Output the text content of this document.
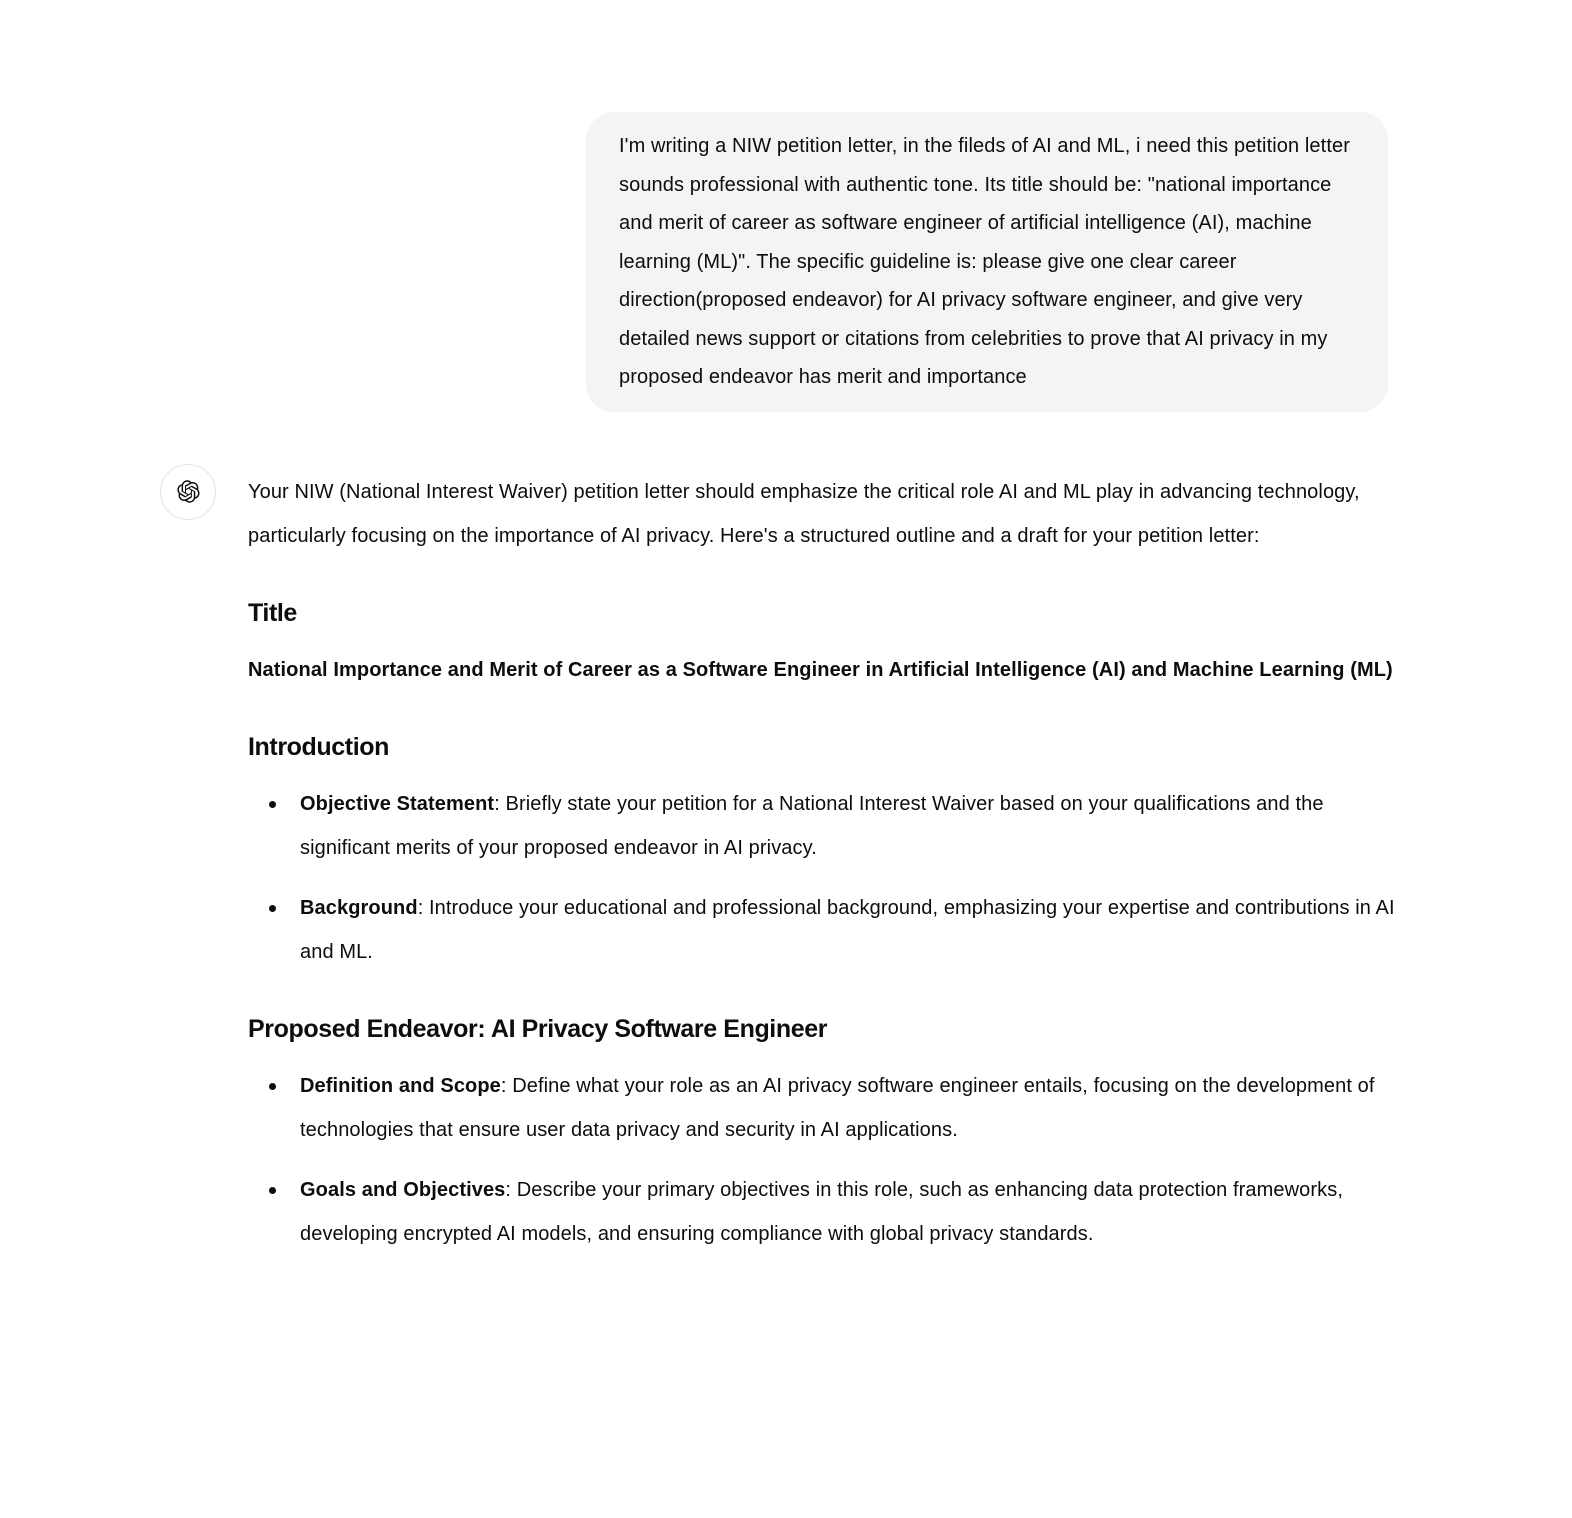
I'm writing a NIW petition letter, in the fileds of AI and ML, i need this petition letter sounds professional with authentic tone. Its title should be: "national importance and merit of career as software engineer of artificial intelligence (AI), machine learning (ML)". The specific guideline is: please give one clear career direction(proposed endeavor) for AI privacy software engineer, and give very detailed news support or citations from celebrities to prove that AI privacy in my proposed endeavor has merit and importance

Your NIW (National Interest Waiver) petition letter should emphasize the critical role AI and ML play in advancing technology, particularly focusing on the importance of AI privacy. Here's a structured outline and a draft for your petition letter:

Title

National Importance and Merit of Career as a Software Engineer in Artificial Intelligence (AI) and Machine Learning (ML)

Introduction
Objective Statement: Briefly state your petition for a National Interest Waiver based on your qualifications and the significant merits of your proposed endeavor in AI privacy.
Background: Introduce your educational and professional background, emphasizing your expertise and contributions in AI and ML.
Proposed Endeavor: AI Privacy Software Engineer
Definition and Scope: Define what your role as an AI privacy software engineer entails, focusing on the development of technologies that ensure user data privacy and security in AI applications.
Goals and Objectives: Describe your primary objectives in this role, such as enhancing data protection frameworks, developing encrypted AI models, and ensuring compliance with global privacy standards.
